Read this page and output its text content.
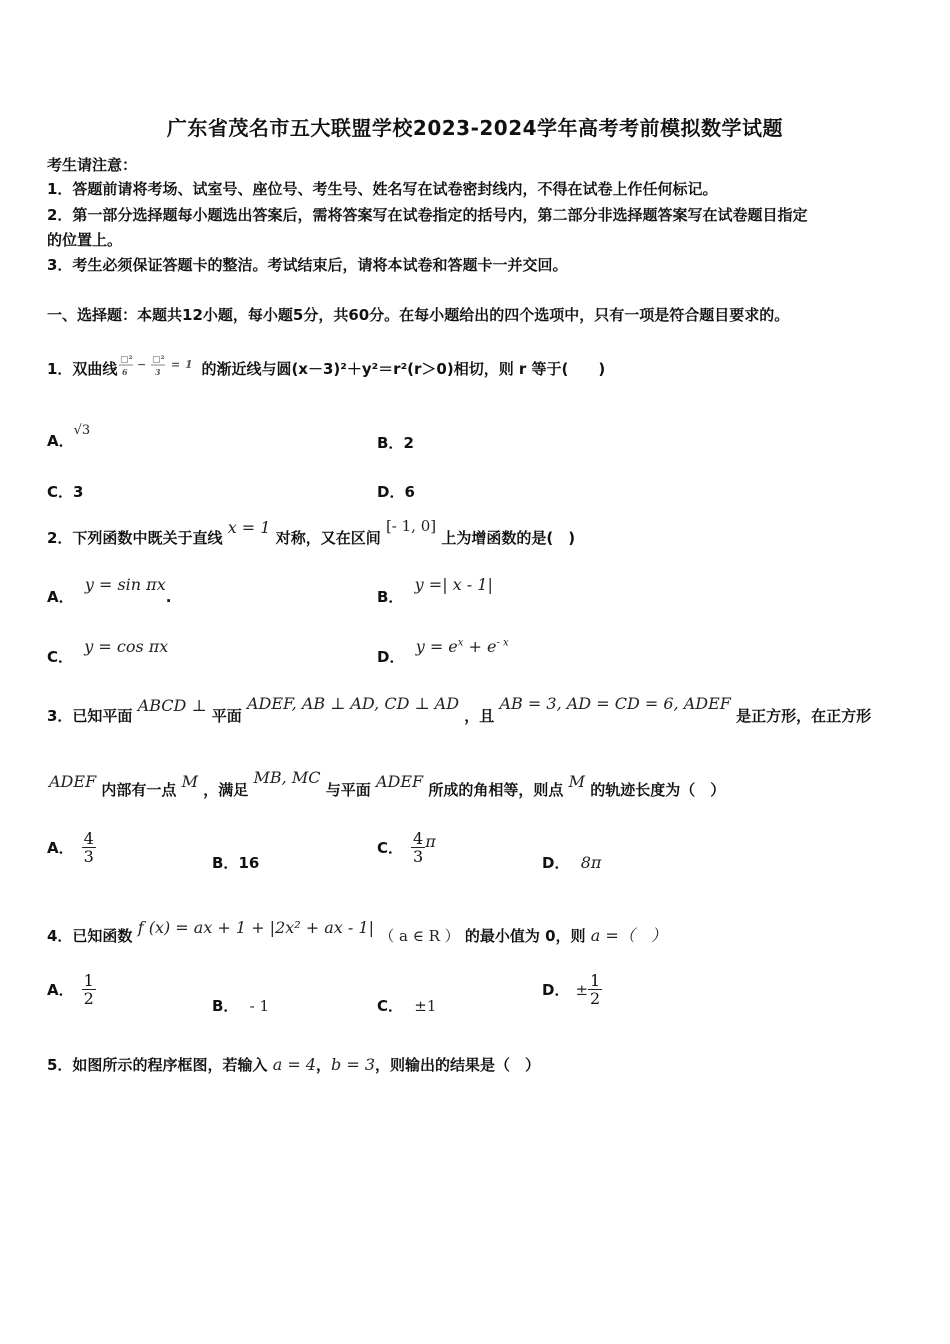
广东省茂名市五大联盟学校2023-2024学年高考考前模拟数学试题
考生请注意：
1．答题前请将考场、试室号、座位号、考生号、姓名写在试卷密封线内，不得在试卷上作任何标记。
2．第一部分选择题每小题选出答案后，需将答案写在试卷指定的括号内，第二部分非选择题答案写在试卷题目指定
的位置上。
3．考生必须保证答题卡的整洁。考试结束后，请将本试卷和答题卡一并交回。
一、选择题：本题共12小题，每小题5分，共60分。在每小题给出的四个选项中，只有一项是符合题目要求的。
1．双曲线 ▢²
6
− ▢²
3
= 1 的渐近线与圆(x－3)²＋y²＝r²(r＞0)相切，则 r 等于(　　)
A．√3
B．2
C．3	D．6
2．下列函数中既关于直线 x = 1 对称，又在区间 [- 1, 0] 上为增函数的是(　)
A． y = sin πx.	B． y =| x - 1|
C． y = cos πx
D． $y = e^x + e^{- x}$
3．已知平面 ABCD ⊥ 平面 ADEF, AB ⊥ AD, CD ⊥ AD ，且 AB = 3, AD = CD = 6, ADEF 是正方形，在正方形
ADEF 内部有一点 M ，满足 MB, MC 与平面 ADEF 所成的角相等，则点 M 的轨迹长度为（　）
A． $\frac{4}{3}$	B．16
C． $\frac{4}{3}$ π
D． 8π
4．已知函数 f (x) = ax + 1 + |2x² + ax - 1| （ a ∈ R ） 的最小值为 0，则 a =（　）
A． $\frac{1}{2}$	B． - 1	C． ±1
D． ± $\frac{1}{2}$
5．如图所示的程序框图，若输入 a = 4，b = 3，则输出的结果是（　）
